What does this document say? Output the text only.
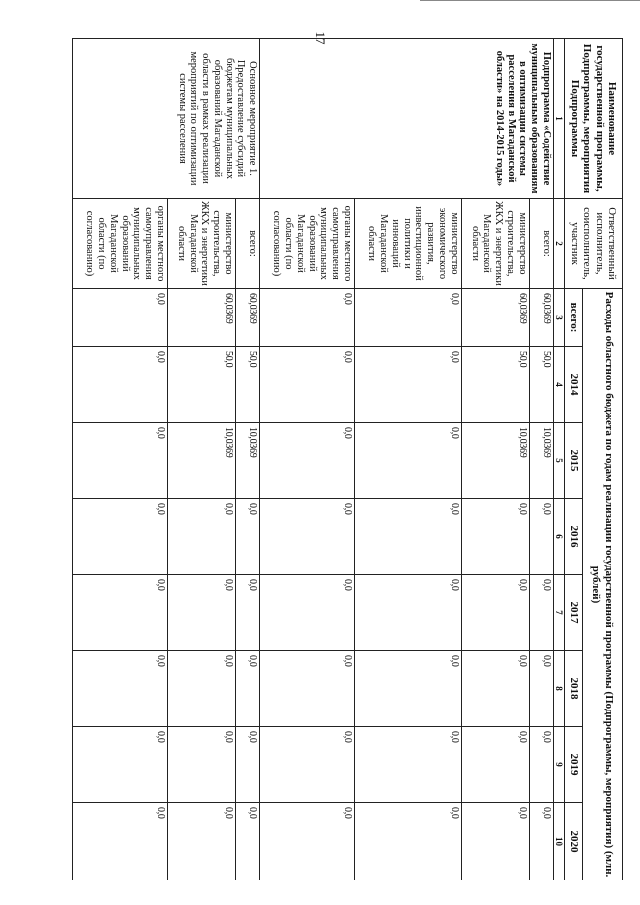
17
Наименование государственной программы, Подпрограммы, мероприятия Подпрограммы	Ответственный исполнитель, соисполнитель, участник	Расходы областного бюджета по годам реализации государственной программы (Подпрограммы, мероприятия) (млн. рублей)							
		всего:	2014	2015	2016	2017	2018	2019	2020
1	2	3	4	5	6	7	8	9	10
Подпрограмма «Содействие муниципальным образованиям в оптимизации системы расселения в Магаданской области» на 2014-2015 годы»	всего:	60,0369	50,0	10,0369	0,0	0,0	0,0	0,0	0,0
	министерство строительства, ЖКХ и энергетики Магаданской области	60,0369	50,0	10,0369	0,0	0,0	0,0	0,0	0,0
	министерство экономического развития, инвестиционной политики и инноваций Магаданской области	0,0	0,0	0,0	0,0	0,0	0,0	0,0	0,0
	органы местного самоуправления муниципальных образований Магаданской области (по согласованию)	0,0	0,0	0,0	0,0	0,0	0,0	0,0	0,0
Основное мероприятие 1. Предоставление субсидий бюджетам муниципальных образований Магаданской области в рамках реализации мероприятий по оптимизации системы расселения	всего:	60,0369	50,0	10,0369	0,0	0,0	0,0	0,0	0,0
	министерство строительства, ЖКХ и энергетики Магаданской области	60,0369	50,0	10,0369	0,0	0,0	0,0	0,0	0,0
	органы местного самоуправления муниципальных образований Магаданской области (по согласованию)	0,0	0,0	0,0	0,0	0,0	0,0	0,0	0,0
